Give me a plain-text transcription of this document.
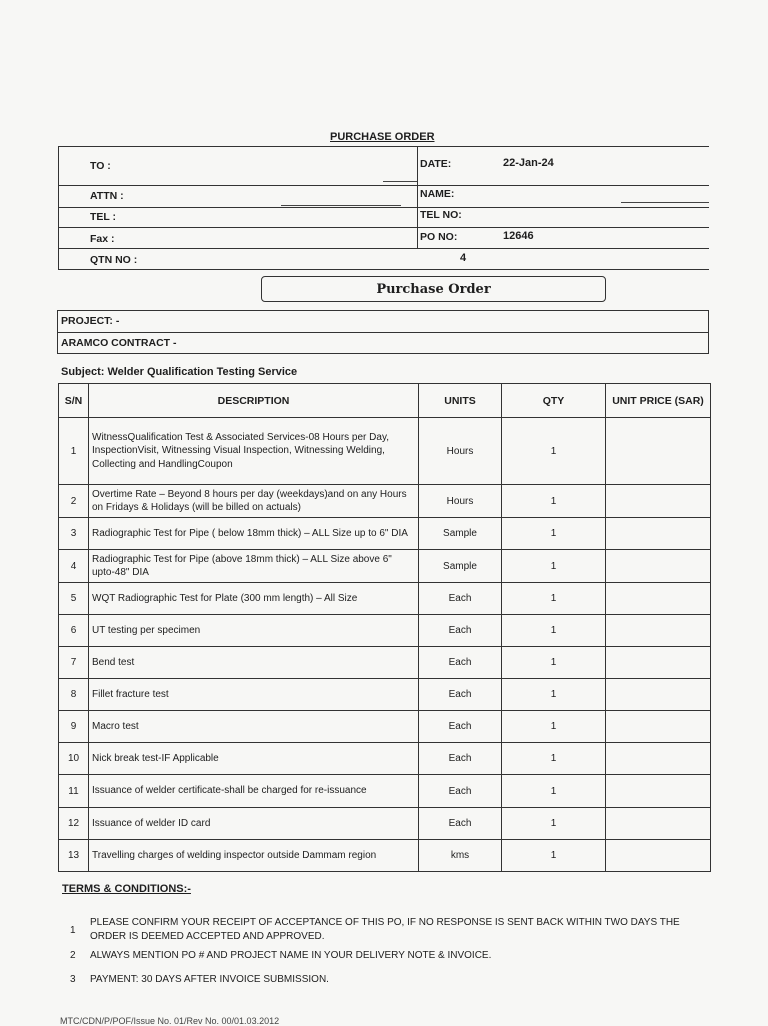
PURCHASE ORDER
TO :
ATTN :
TEL :
Fax :
QTN NO :	4
DATE:	22-Jan-24
NAME:
TEL NO:
PO NO:	12646
Purchase Order
PROJECT: -
ARAMCO CONTRACT -
Subject: Welder Qualification Testing Service
S/N	DESCRIPTION	UNITS	QTY	UNIT PRICE (SAR)
1	WitnessQualification Test & Associated Services-08 Hours per Day, InspectionVisit, Witnessing Visual Inspection, Witnessing Welding, Collecting and HandlingCoupon	Hours	1	
2	Overtime Rate – Beyond 8 hours per day (weekdays)and on any Hours on Fridays & Holidays (will be billed on actuals)	Hours	1	
3	Radiographic Test for Pipe ( below 18mm thick) – ALL Size up to 6" DIA	Sample	1	
4	Radiographic Test for Pipe (above 18mm thick) – ALL Size above 6" upto-48" DIA	Sample	1	
5	WQT Radiographic Test for Plate (300 mm length) – All Size	Each	1	
6	UT testing per specimen	Each	1	
7	Bend test	Each	1	
8	Fillet fracture test	Each	1	
9	Macro test	Each	1	
10	Nick break test-IF Applicable	Each	1	
11	Issuance of welder certificate-shall be charged for re-issuance	Each	1	
12	Issuance of welder ID card	Each	1	
13	Travelling charges of welding inspector outside Dammam region	kms	1	
TERMS & CONDITIONS:-
1
PLEASE CONFIRM YOUR RECEIPT OF ACCEPTANCE OF THIS PO, IF NO RESPONSE IS SENT BACK WITHIN TWO DAYS THE ORDER IS DEEMED ACCEPTED AND APPROVED.
2 ALWAYS MENTION PO # AND PROJECT NAME IN YOUR DELIVERY NOTE & INVOICE.
3 PAYMENT: 30 DAYS AFTER INVOICE SUBMISSION.
MTC/CDN/P/POF/Issue No. 01/Rev No. 00/01.03.2012
